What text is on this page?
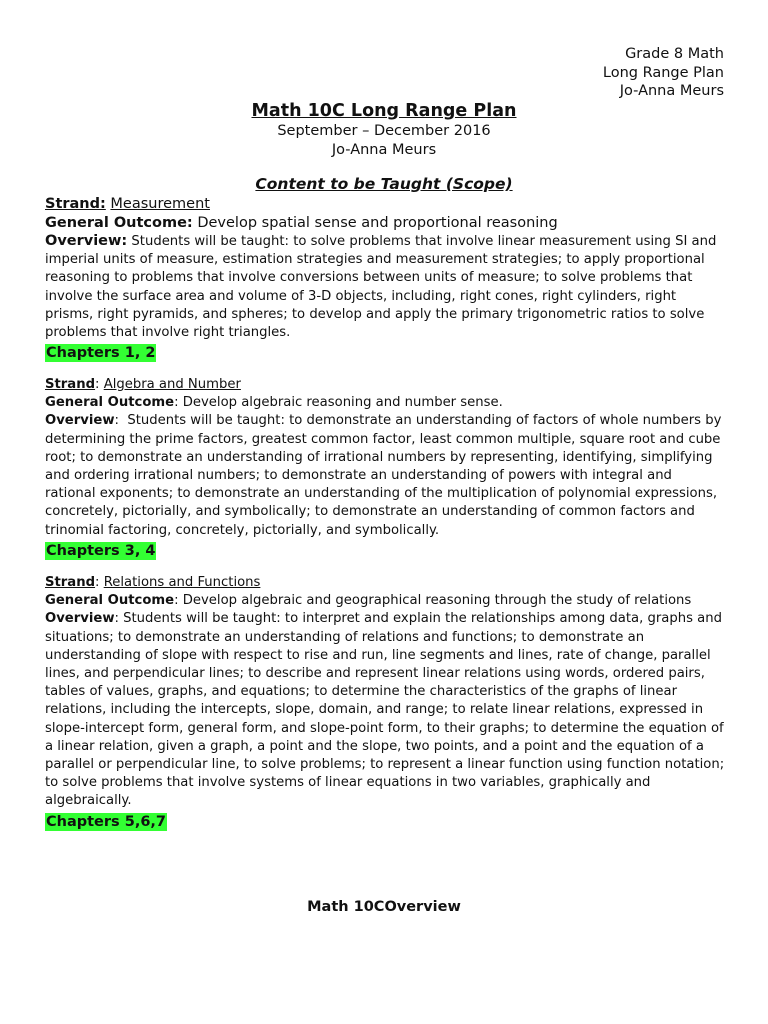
Grade 8 Math
Long Range Plan
Jo-Anna Meurs
Math 10C Long Range Plan
September – December 2016
Jo-Anna Meurs
Content to be Taught (Scope)
Strand: Measurement
General Outcome: Develop spatial sense and proportional reasoning
Overview: Students will be taught: to solve problems that involve linear measurement using SI and imperial units of measure, estimation strategies and measurement strategies; to apply proportional reasoning to problems that involve conversions between units of measure; to solve problems that involve the surface area and volume of 3-D objects, including, right cones, right cylinders, right prisms, right pyramids, and spheres; to develop and apply the primary trigonometric ratios to solve problems that involve right triangles.
Chapters 1, 2
Strand: Algebra and Number
General Outcome: Develop algebraic reasoning and number sense.
Overview:  Students will be taught: to demonstrate an understanding of factors of whole numbers by determining the prime factors, greatest common factor, least common multiple, square root and cube root; to demonstrate an understanding of irrational numbers by representing, identifying, simplifying and ordering irrational numbers; to demonstrate an understanding of powers with integral and rational exponents; to demonstrate an understanding of the multiplication of polynomial expressions, concretely, pictorially, and symbolically; to demonstrate an understanding of common factors and trinomial factoring, concretely, pictorially, and symbolically.
Chapters 3, 4
Strand: Relations and Functions
General Outcome: Develop algebraic and geographical reasoning through the study of relations
Overview: Students will be taught: to interpret and explain the relationships among data, graphs and situations; to demonstrate an understanding of relations and functions; to demonstrate an understanding of slope with respect to rise and run, line segments and lines, rate of change, parallel lines, and perpendicular lines; to describe and represent linear relations using words, ordered pairs, tables of values, graphs, and equations; to determine the characteristics of the graphs of linear relations, including the intercepts, slope, domain, and range; to relate linear relations, expressed in slope-intercept form, general form, and slope-point form, to their graphs; to determine the equation of a linear relation, given a graph, a point and the slope, two points, and a point and the equation of a parallel or perpendicular line, to solve problems; to represent a linear function using function notation; to solve problems that involve systems of linear equations in two variables, graphically and algebraically.
Chapters 5,6,7
Math 10COverview
